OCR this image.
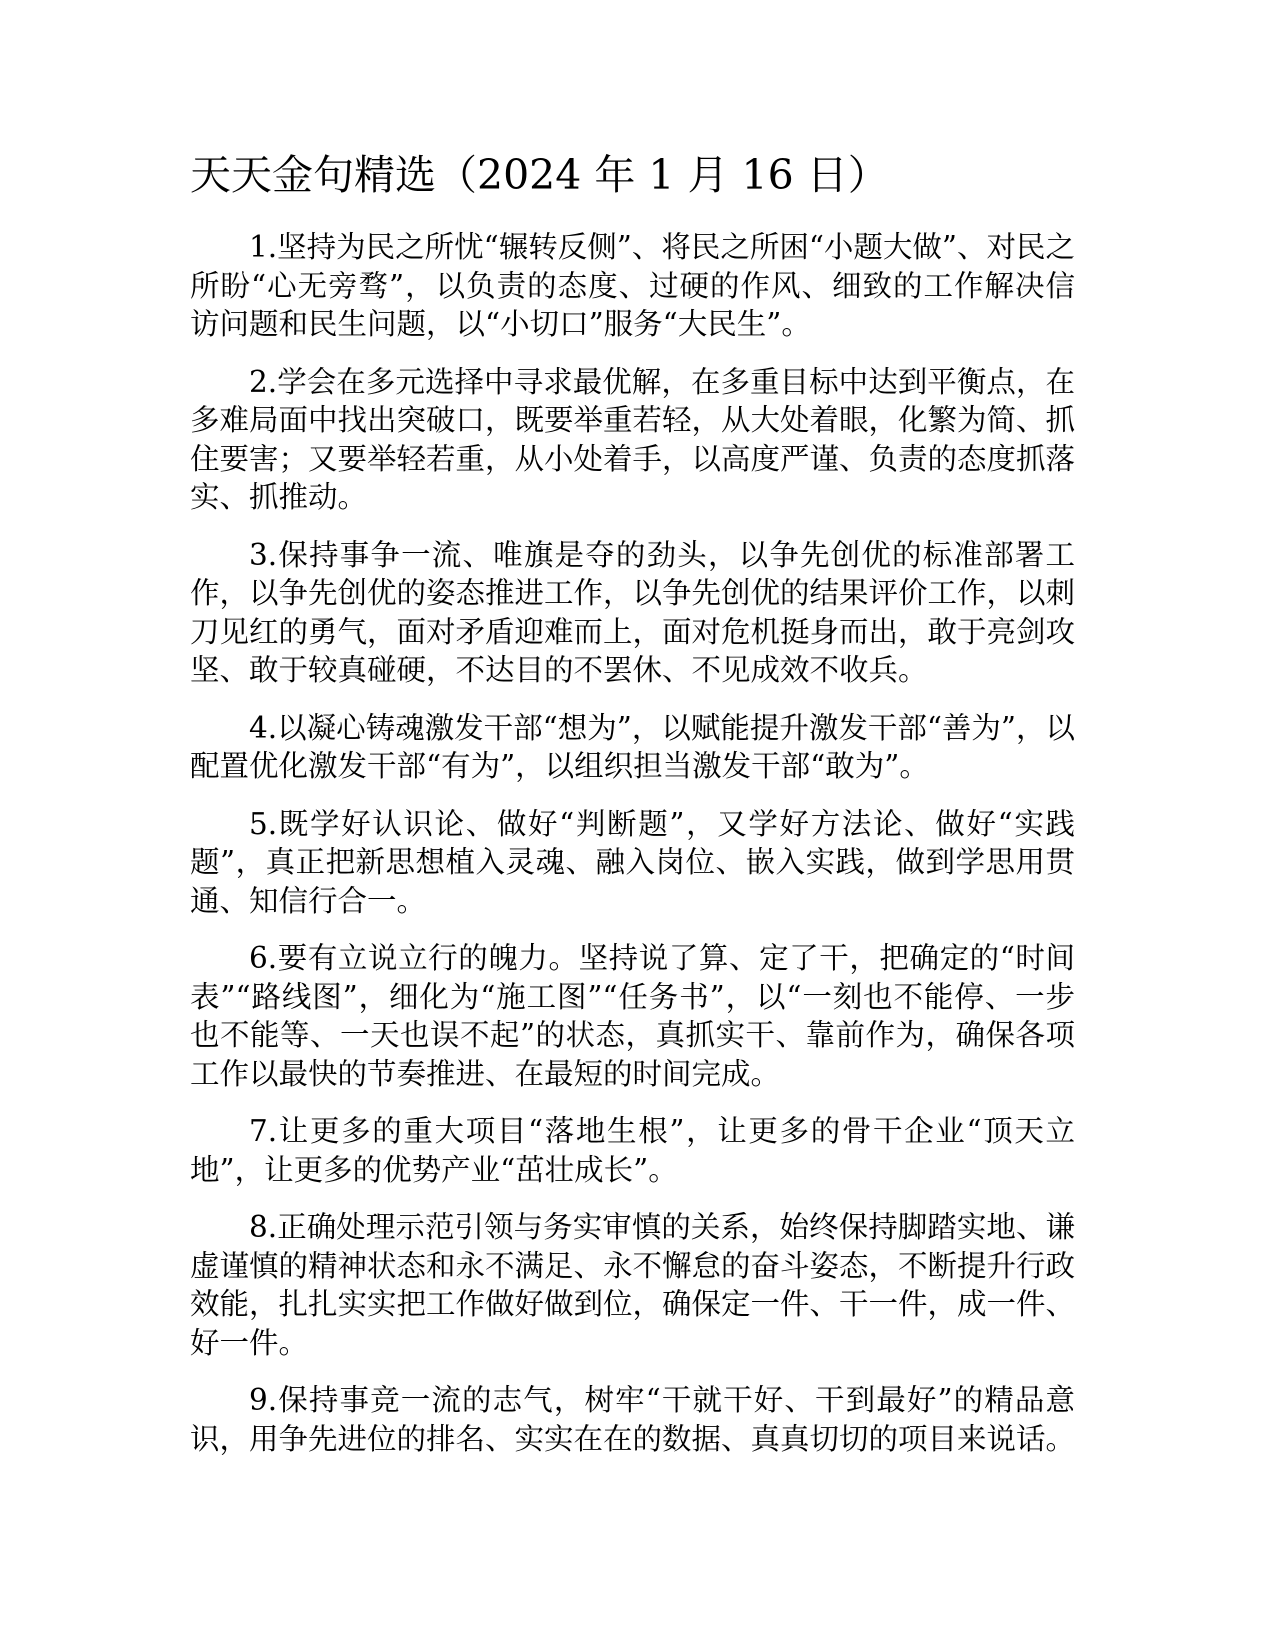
天天金句精选（2024 年 1 月 16 日）

1.坚持为民之所忧“辗转反侧”、将民之所困“小题大做”、对民之所盼“心无旁骛”，以负责的态度、过硬的作风、细致的工作解决信访问题和民生问题，以“小切口”服务“大民生”。

2.学会在多元选择中寻求最优解，在多重目标中达到平衡点，在多难局面中找出突破口，既要举重若轻，从大处着眼，化繁为简、抓住要害；又要举轻若重，从小处着手，以高度严谨、负责的态度抓落实、抓推动。

3.保持事争一流、唯旗是夺的劲头，以争先创优的标准部署工作，以争先创优的姿态推进工作，以争先创优的结果评价工作，以刺刀见红的勇气，面对矛盾迎难而上，面对危机挺身而出，敢于亮剑攻坚、敢于较真碰硬，不达目的不罢休、不见成效不收兵。

4.以凝心铸魂激发干部“想为”，以赋能提升激发干部“善为”，以配置优化激发干部“有为”，以组织担当激发干部“敢为”。

5.既学好认识论、做好“判断题”，又学好方法论、做好“实践题”，真正把新思想植入灵魂、融入岗位、嵌入实践，做到学思用贯通、知信行合一。

6.要有立说立行的魄力。坚持说了算、定了干，把确定的“时间表”“路线图”，细化为“施工图”“任务书”，以“一刻也不能停、一步也不能等、一天也误不起”的状态，真抓实干、靠前作为，确保各项工作以最快的节奏推进、在最短的时间完成。

7.让更多的重大项目“落地生根”，让更多的骨干企业“顶天立地”，让更多的优势产业“茁壮成长”。

8.正确处理示范引领与务实审慎的关系，始终保持脚踏实地、谦虚谨慎的精神状态和永不满足、永不懈怠的奋斗姿态，不断提升行政效能，扎扎实实把工作做好做到位，确保定一件、干一件，成一件、好一件。

9.保持事竞一流的志气，树牢“干就干好、干到最好”的精品意识，用争先进位的排名、实实在在的数据、真真切切的项目来说话。
